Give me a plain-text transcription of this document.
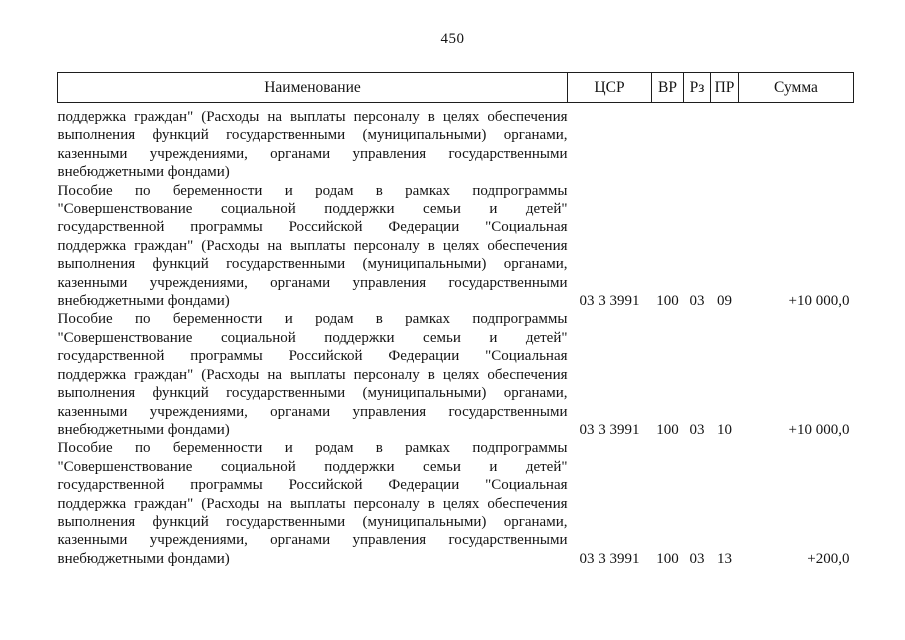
450
Наименование	ЦСР	ВР	Рз	ПР	Сумма

поддержка граждан" (Расходы на выплаты персоналу в целях обеспечения
выполнения функций государственными (муниципальными) органами,
казенными учреждениями, органами управления государственными
внебюджетными фондами)					

Пособие по беременности и родам в рамках подпрограммы
"Совершенствование социальной поддержки семьи и детей"
государственной программы Российской Федерации "Социальная
поддержка граждан" (Расходы на выплаты персоналу в целях обеспечения
выполнения функций государственными (муниципальными) органами,
казенными учреждениями, органами управления государственными
внебюджетными фондами)	03 3 3991	100	03	09	+10 000,0

Пособие по беременности и родам в рамках подпрограммы
"Совершенствование социальной поддержки семьи и детей"
государственной программы Российской Федерации "Социальная
поддержка граждан" (Расходы на выплаты персоналу в целях обеспечения
выполнения функций государственными (муниципальными) органами,
казенными учреждениями, органами управления государственными
внебюджетными фондами)	03 3 3991	100	03	10	+10 000,0

Пособие по беременности и родам в рамках подпрограммы
"Совершенствование социальной поддержки семьи и детей"
государственной программы Российской Федерации "Социальная
поддержка граждан" (Расходы на выплаты персоналу в целях обеспечения
выполнения функций государственными (муниципальными) органами,
казенными учреждениями, органами управления государственными
внебюджетными фондами)	03 3 3991	100	03	13	+200,0
